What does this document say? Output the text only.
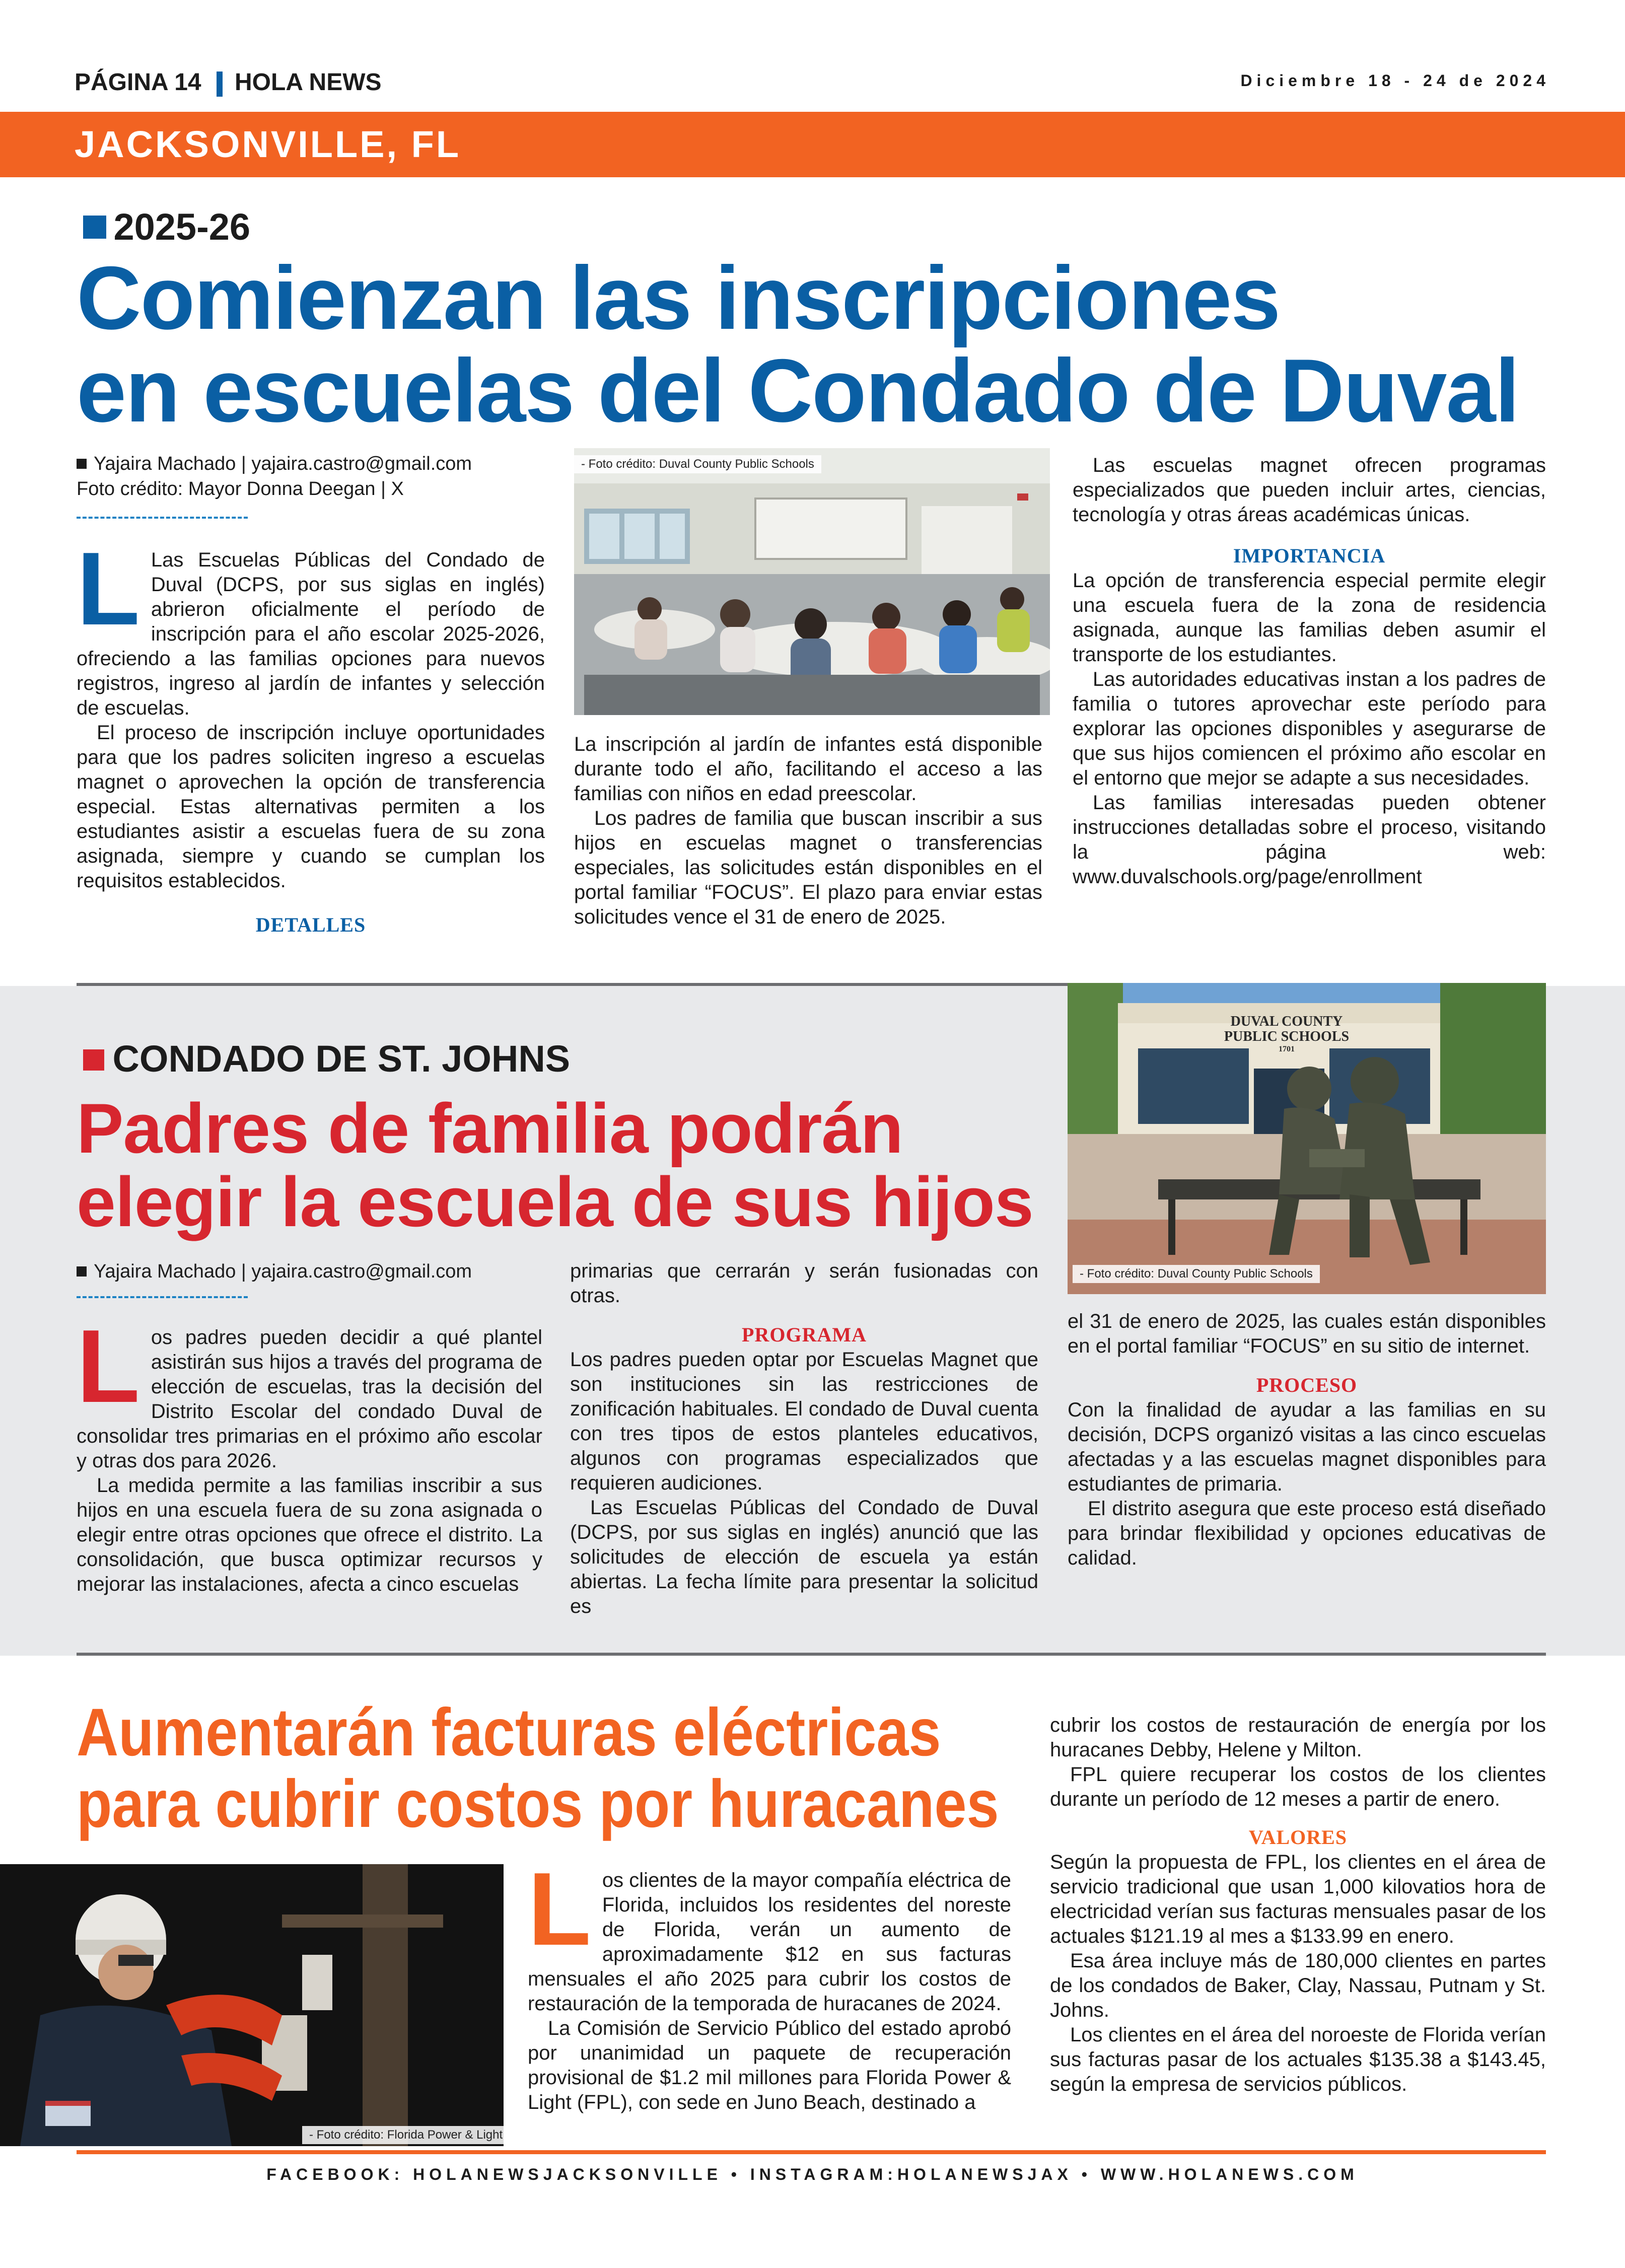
PÁGINA 14 HOLA NEWS	Diciembre 18 - 24 de 2024
JACKSONVILLE, FL
2025-26
Comienzan las inscripciones
en escuelas del Condado de Duval
Yajaira Machado | yajaira.castro@gmail.com
Foto crédito: Mayor Donna Deegan | X
L Las Escuelas Públicas del Condado de Duval (DCPS, por sus siglas en inglés) abrieron oficialmente el período de inscripción para el año escolar 2025-2026, ofreciendo a las familias opciones para nuevos registros, ingreso al jardín de infantes y selección de escuelas.

El proceso de inscripción incluye oportunidades para que los padres soliciten ingreso a escuelas magnet o aprovechen la opción de transferencia especial. Estas alternativas permiten a los estudiantes asistir a escuelas fuera de su zona asignada, siempre y cuando se cumplan los requisitos establecidos.

DETALLES
- Foto crédito: Duval County Public Schools

La inscripción al jardín de infantes está disponible durante todo el año, facilitando el acceso a las familias con niños en edad preescolar.

Los padres de familia que buscan inscribir a sus hijos en escuelas magnet o transferencias especiales, las solicitudes están disponibles en el portal familiar “FOCUS”. El plazo para enviar estas solicitudes vence el 31 de enero de 2025.

Las escuelas magnet ofrecen programas especializados que pueden incluir artes, ciencias, tecnología y otras áreas académicas únicas.

IMPORTANCIA

La opción de transferencia especial permite elegir una escuela fuera de la zona de residencia asignada, aunque las familias deben asumir el transporte de los estudiantes.

Las autoridades educativas instan a los padres de familia o tutores aprovechar este período para explorar las opciones disponibles y asegurarse de que sus hijos comiencen el próximo año escolar en el entorno que mejor se adapte a sus necesidades.

Las familias interesadas pueden obtener instrucciones detalladas sobre el proceso, visitando la página web: www.duvalschools.org/page/enrollment

CONDADO DE ST. JOHNS
Padres de familia podrán
elegir la escuela de sus hijos
DUVAL COUNTY
PUBLIC SCHOOLS
1701
- Foto crédito: Duval County Public Schools
Yajaira Machado | yajaira.castro@gmail.com
L os padres pueden decidir a qué plantel asistirán sus hijos a través del programa de elección de escuelas, tras la decisión del Distrito Escolar del condado Duval de consolidar tres primarias en el próximo año escolar y otras dos para 2026.

La medida permite a las familias inscribir a sus hijos en una escuela fuera de su zona asignada o elegir entre otras opciones que ofrece el distrito. La consolidación, que busca optimizar recursos y mejorar las instalaciones, afecta a cinco escuelas

primarias que cerrarán y serán fusionadas con otras.

PROGRAMA

Los padres pueden optar por Escuelas Magnet que son instituciones sin las restricciones de zonificación habituales. El condado de Duval cuenta con tres tipos de estos planteles educativos, algunos con programas especializados que requieren audiciones.

Las Escuelas Públicas del Condado de Duval (DCPS, por sus siglas en inglés) anunció que las solicitudes de elección de escuela ya están abiertas. La fecha límite para presentar la solicitud es

el 31 de enero de 2025, las cuales están disponibles en el portal familiar “FOCUS” en su sitio de internet.

PROCESO

Con la finalidad de ayudar a las familias en su decisión, DCPS organizó visitas a las cinco escuelas afectadas y a las escuelas magnet disponibles para estudiantes de primaria.

El distrito asegura que este proceso está diseñado para brindar flexibilidad y opciones educativas de calidad.

Aumentarán facturas eléctricas
para cubrir costos por huracanes
- Foto crédito: Florida Power & Light
L os clientes de la mayor compañía eléctrica de Florida, incluidos los residentes del noreste de Florida, verán un aumento de aproximadamente $12 en sus facturas mensuales el año 2025 para cubrir los costos de restauración de la temporada de huracanes de 2024.

La Comisión de Servicio Público del estado aprobó por unanimidad un paquete de recuperación provisional de $1.2 mil millones para Florida Power & Light (FPL), con sede en Juno Beach, destinado a

cubrir los costos de restauración de energía por los huracanes Debby, Helene y Milton.

FPL quiere recuperar los costos de los clientes durante un período de 12 meses a partir de enero.

VALORES

Según la propuesta de FPL, los clientes en el área de servicio tradicional que usan 1,000 kilovatios hora de electricidad verían sus facturas mensuales pasar de los actuales $121.19 al mes a $133.99 en enero.

Esa área incluye más de 180,000 clientes en partes de los condados de Baker, Clay, Nassau, Putnam y St. Johns.

Los clientes en el área del noroeste de Florida verían sus facturas pasar de los actuales $135.38 a $143.45, según la empresa de servicios públicos.

FACEBOOK: HOLANEWSJACKSONVILLE • INSTAGRAM:HOLANEWSJAX • WWW.HOLANEWS.COM
